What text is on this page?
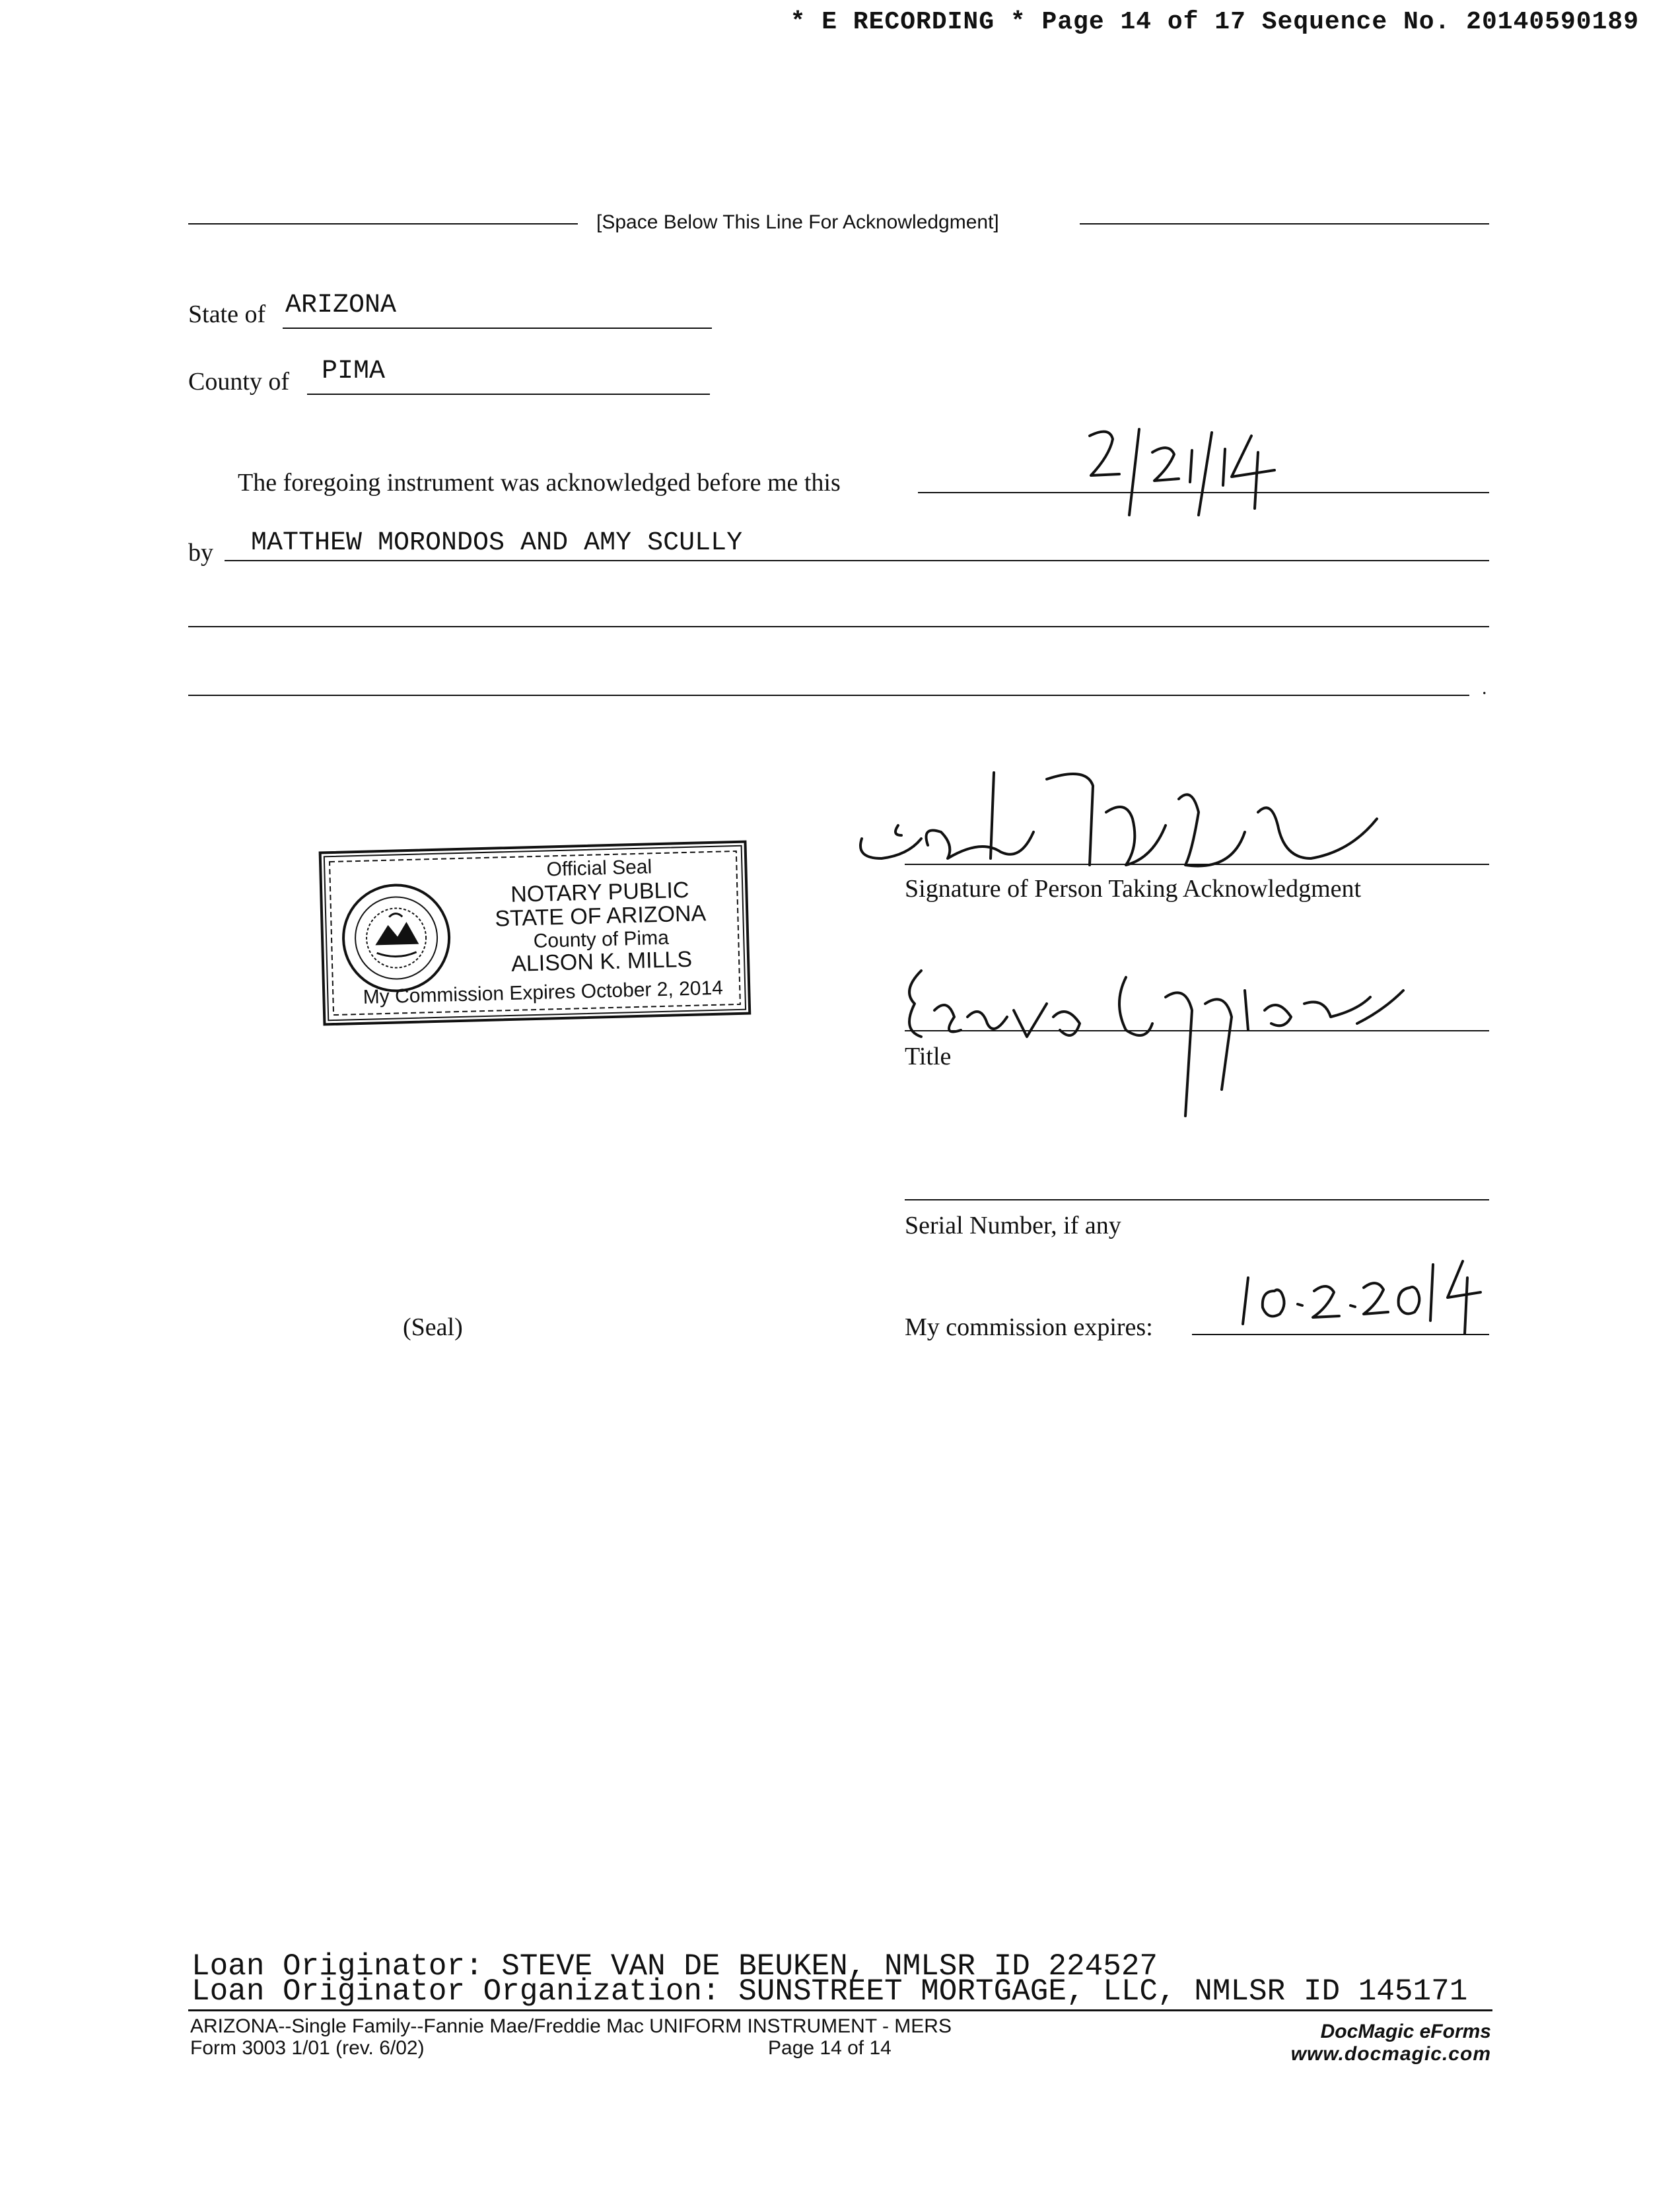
* E RECORDING * Page 14 of 17 Sequence No. 20140590189
[Space Below This Line For Acknowledgment]
State of ARIZONA
County of PIMA
The foregoing instrument was acknowledged before me this
by MATTHEW MORONDOS AND AMY SCULLY
.
Official Seal
NOTARY PUBLIC
STATE OF ARIZONA
County of Pima
ALISON K. MILLS
My Commission Expires October 2, 2014
Signature of Person Taking Acknowledgment
Title
Serial Number, if any
(Seal)	My commission expires:
Loan Originator: STEVE VAN DE BEUKEN, NMLSR ID 224527
Loan Originator Organization: SUNSTREET MORTGAGE, LLC, NMLSR ID 145171
ARIZONA--Single Family--Fannie Mae/Freddie Mac UNIFORM INSTRUMENT - MERS
Form 3003 1/01 (rev. 6/02)	Page 14 of 14
DocMagic eForms
www.docmagic.com
